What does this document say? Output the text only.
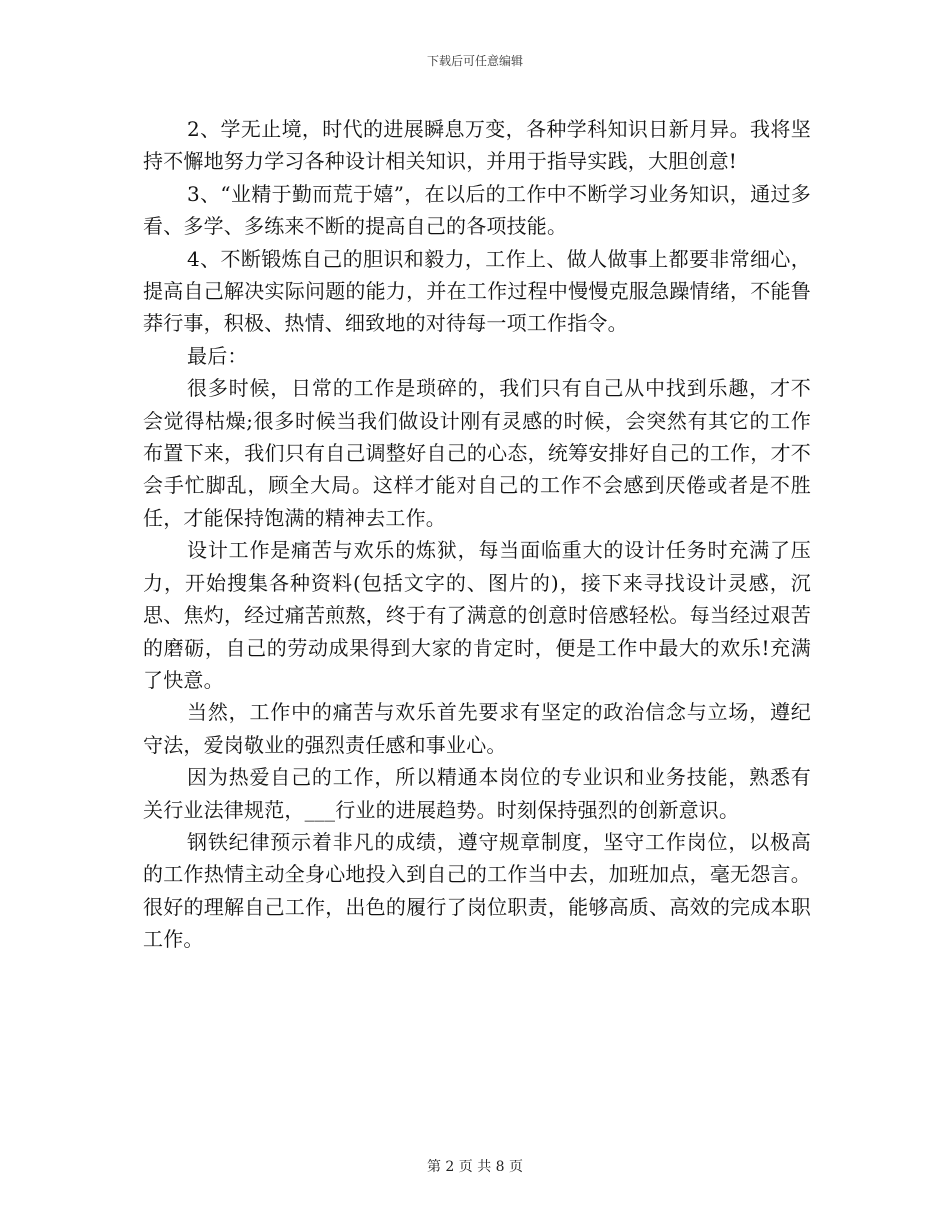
下载后可任意编辑

2、学无止境，时代的进展瞬息万变，各种学科知识日新月异。我将坚持不懈地努力学习各种设计相关知识，并用于指导实践，大胆创意!

3、“业精于勤而荒于嬉”，在以后的工作中不断学习业务知识，通过多看、多学、多练来不断的提高自己的各项技能。

4、不断锻炼自己的胆识和毅力，工作上、做人做事上都要非常细心，提高自己解决实际问题的能力，并在工作过程中慢慢克服急躁情绪，不能鲁莽行事，积极、热情、细致地的对待每一项工作指令。

最后：

很多时候，日常的工作是琐碎的，我们只有自己从中找到乐趣，才不会觉得枯燥;很多时候当我们做设计刚有灵感的时候，会突然有其它的工作布置下来，我们只有自己调整好自己的心态，统筹安排好自己的工作，才不会手忙脚乱，顾全大局。这样才能对自己的工作不会感到厌倦或者是不胜任，才能保持饱满的精神去工作。

设计工作是痛苦与欢乐的炼狱，每当面临重大的设计任务时充满了压力，开始搜集各种资料(包括文字的、图片的)，接下来寻找设计灵感，沉思、焦灼，经过痛苦煎熬，终于有了满意的创意时倍感轻松。每当经过艰苦的磨砺，自己的劳动成果得到大家的肯定时，便是工作中最大的欢乐!充满了快意。

当然，工作中的痛苦与欢乐首先要求有坚定的政治信念与立场，遵纪守法，爱岗敬业的强烈责任感和事业心。

因为热爱自己的工作，所以精通本岗位的专业识和业务技能，熟悉有关行业法律规范，___行业的进展趋势。时刻保持强烈的创新意识。

钢铁纪律预示着非凡的成绩，遵守规章制度，坚守工作岗位，以极高的工作热情主动全身心地投入到自己的工作当中去，加班加点，毫无怨言。很好的理解自己工作，出色的履行了岗位职责，能够高质、高效的完成本职工作。

第 2 页 共 8 页
